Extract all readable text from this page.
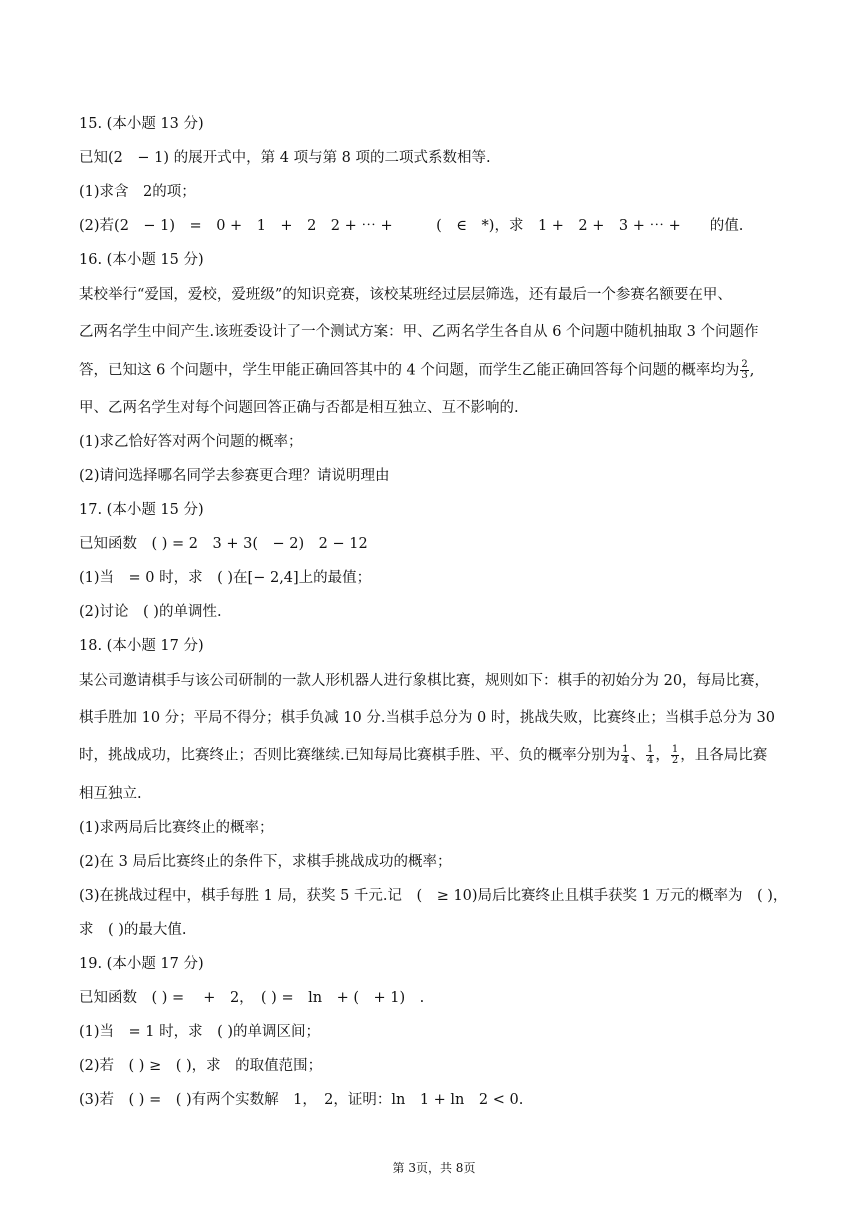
15. (本小题 13 分)
已知(2　− 1) 的展开式中，第 4 项与第 8 项的二项式系数相等.
(1)求含　2的项；
(2)若(2　− 1)　=　0 +　1　+　2　2 + ⋯ +　　　(　∈　*)，求　1 +　2 +　3 + ⋯ +　　的值.
16. (本小题 15 分)
某校举行“爱国，爱校，爱班级”的知识竞赛，该校某班经过层层筛选，还有最后一个参赛名额要在甲、
乙两名学生中间产生.该班委设计了一个测试方案：甲、乙两名学生各自从 6 个问题中随机抽取 3 个问题作
答，已知这 6 个问题中，学生甲能正确回答其中的 4 个问题，而学生乙能正确回答每个问题的概率均为 $\frac{2}{3}$ ,
甲、乙两名学生对每个问题回答正确与否都是相互独立、互不影响的.
(1)求乙恰好答对两个问题的概率；
(2)请问选择哪名同学去参赛更合理？请说明理由
17. (本小题 15 分)
已知函数　( ) = 2　3 + 3(　− 2)　2 − 12
(1)当　= 0 时，求　( )在[− 2,4]上的最值；
(2)讨论　( )的单调性.
18. (本小题 17 分)
某公司邀请棋手与该公司研制的一款人形机器人进行象棋比赛，规则如下：棋手的初始分为 20，每局比赛，
棋手胜加 10 分；平局不得分；棋手负减 10 分.当棋手总分为 0 时，挑战失败，比赛终止；当棋手总分为 30
时，挑战成功，比赛终止；否则比赛继续.已知每局比赛棋手胜、平、负的概率分别为 $\frac{1}{4}$ 、 $\frac{1}{4}$ ， $\frac{1}{2}$ ，且各局比赛
相互独立.
(1)求两局后比赛终止的概率；
(2)在 3 局后比赛终止的条件下，求棋手挑战成功的概率；
(3)在挑战过程中，棋手每胜 1 局，获奖 5 千元.记　(　≥ 10)局后比赛终止且棋手获奖 1 万元的概率为　( )，
求　( )的最大值.
19. (本小题 17 分)
已知函数　( ) =　 +　2，　( ) =　ln　+ (　+ 1)　.
(1)当　= 1 时，求　( )的单调区间；
(2)若　( ) ≥　( )，求　的取值范围；
(3)若　( ) =　( )有两个实数解　1，　2，证明：ln　1 + ln　2 < 0.
第 3页，共 8页
